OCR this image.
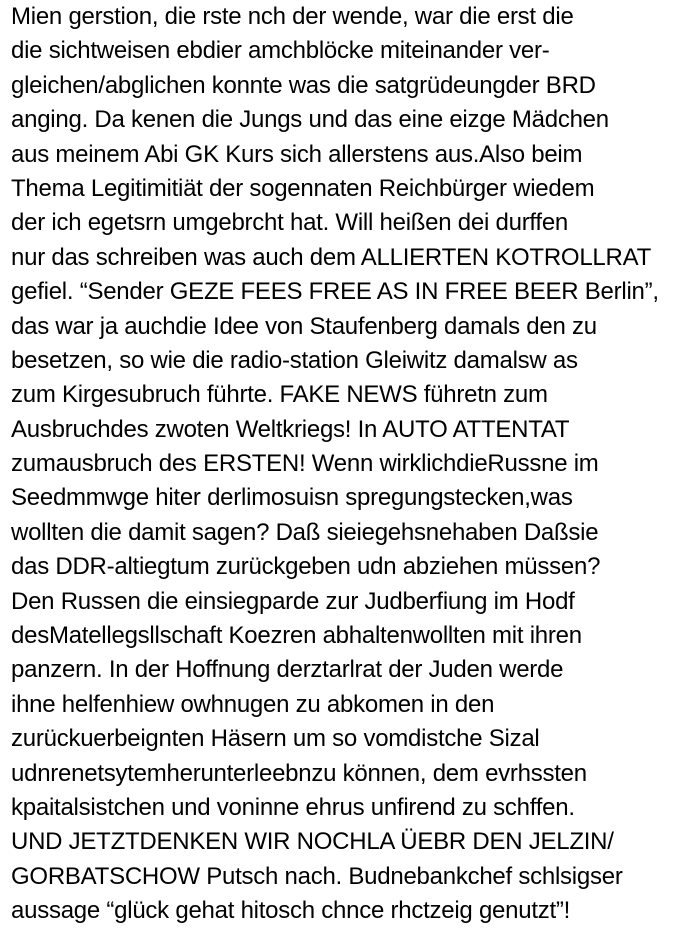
Mien gerstion, die rste nch der wende, war die erst die
die sichtweisen ebdier amchblöcke miteinander ver-
gleichen/abglichen konnte was die satgrüdeungder BRD
anging. Da kenen die Jungs und das eine eizge Mädchen
aus meinem Abi GK Kurs sich allerstens aus.Also beim
Thema Legitimitiät der sogennaten Reichbürger wiedem
der ich egetsrn umgebrcht hat. Will heißen dei durffen
nur das schreiben was auch dem ALLIERTEN KOTROLLRAT
gefiel. “Sender GEZE FEES FREE AS IN FREE BEER Berlin”,
das war ja auchdie Idee von Staufenberg damals den zu
besetzen, so wie die radio-station Gleiwitz damalsw as
zum Kirgesubruch führte. FAKE NEWS führetn zum
Ausbruchdes zwoten Weltkriegs! In AUTO ATTENTAT
zumausbruch des ERSTEN! Wenn wirklichdieRussne im
Seedmmwge hiter derlimosuisn spregungstecken,was
wollten die damit sagen? Daß sieiegehsnehaben Daßsie
das DDR-altiegtum zurückgeben udn abziehen müssen?
Den Russen die einsiegparde zur Judberfiung im Hodf
desMatellegsllschaft Koezren abhaltenwollten mit ihren
panzern. In der Hoffnung derztarlrat der Juden werde
ihne helfenhiew owhnugen zu abkomen in den
zurückuerbeignten Häsern um so vomdistche Sizal
udnrenetsytemherunterleebnzu können, dem evrhssten
kpaitalsistchen und voninne ehrus unfirend zu schffen.
UND JETZTDENKEN WIR NOCHLA ÜEBR DEN JELZIN/
GORBATSCHOW Putsch nach. Budnebankchef schlsigser
aussage “glück gehat hitosch chnce rhctzeig genutzt”!
